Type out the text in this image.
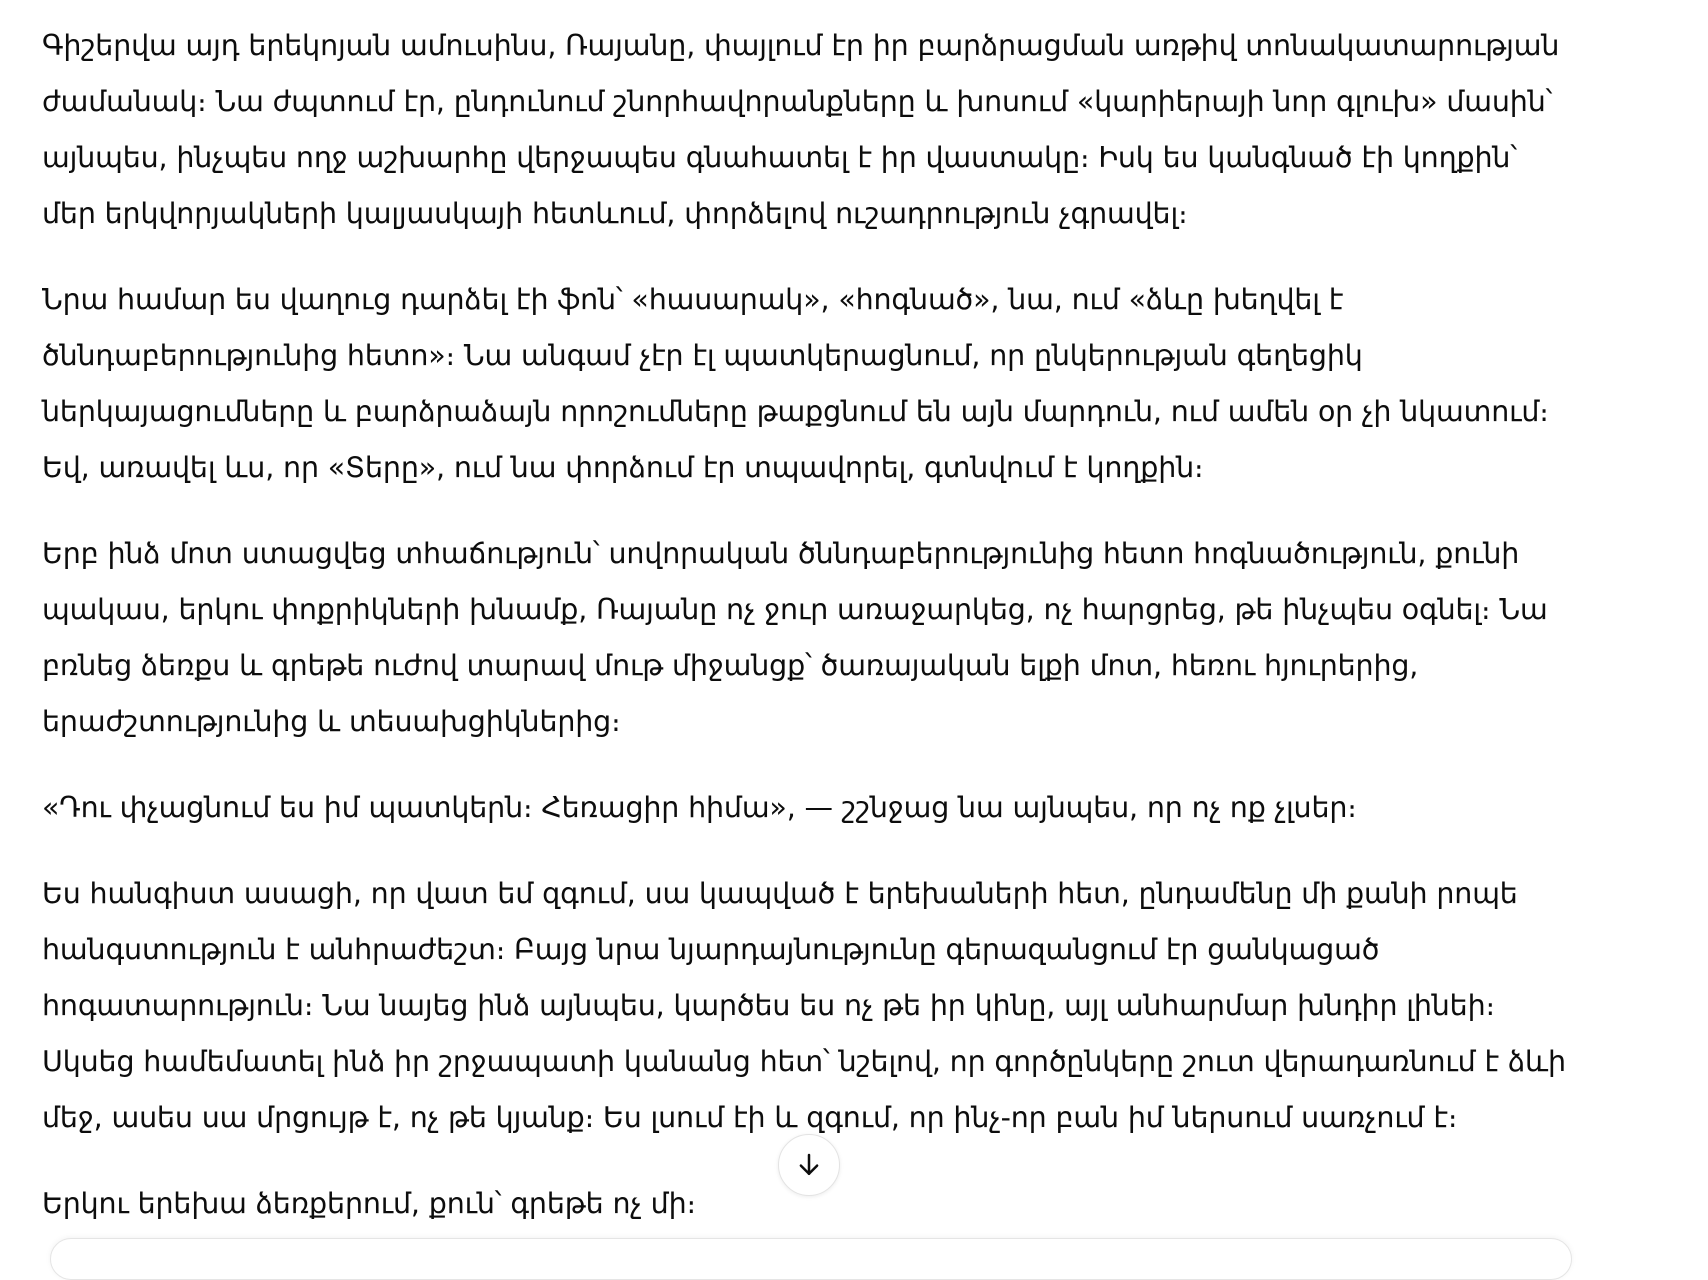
Գիշերվա այդ երեկոյան ամուսինս, Ռայանը, փայլում էր իր բարձրացման առթիվ տոնակատարության
ժամանակ։ Նա ժպտում էր, ընդունում շնորհավորանքները և խոսում «կարիերայի նոր գլուխ» մասին՝
այնպես, ինչպես ողջ աշխարհը վերջապես գնահատել է իր վաստակը։ Իսկ ես կանգնած էի կողքին՝
մեր երկվորյակների կալյասկայի հետևում, փորձելով ուշադրություն չգրավել։

Նրա համար ես վաղուց դարձել էի ֆոն՝ «հասարակ», «հոգնած», նա, ում «ձևը խեղվել է
ծննդաբերությունից հետո»։ Նա անգամ չէր էլ պատկերացնում, որ ընկերության գեղեցիկ
ներկայացումները և բարձրաձայն որոշումները թաքցնում են այն մարդուն, ում ամեն օր չի նկատում։
Եվ, առավել ևս, որ «Տերը», ում նա փորձում էր տպավորել, գտնվում է կողքին։

Երբ ինձ մոտ ստացվեց տհաճություն՝ սովորական ծննդաբերությունից հետո հոգնածություն, քունի
պակաս, երկու փոքրիկների խնամք, Ռայանը ոչ ջուր առաջարկեց, ոչ հարցրեց, թե ինչպես օգնել։ Նա
բռնեց ձեռքս և գրեթե ուժով տարավ մութ միջանցք՝ ծառայական ելքի մոտ, հեռու հյուրերից,
երաժշտությունից և տեսախցիկներից։

«Դու փչացնում ես իմ պատկերն։ Հեռացիր հիմա», — շշնջաց նա այնպես, որ ոչ ոք չլսեր։

Ես հանգիստ ասացի, որ վատ եմ զգում, սա կապված է երեխաների հետ, ընդամենը մի քանի րոպե
հանգստություն է անհրաժեշտ։ Բայց նրա նյարդայնությունը գերազանցում էր ցանկացած
հոգատարություն։ Նա նայեց ինձ այնպես, կարծես ես ոչ թե իր կինը, այլ անհարմար խնդիր լինեի։
Սկսեց համեմատել ինձ իր շրջապատի կանանց հետ՝ նշելով, որ գործընկերը շուտ վերադառնում է ձևի
մեջ, ասես սա մրցույթ է, ոչ թե կյանք։ Ես լսում էի և զգում, որ ինչ-որ բան իմ ներսում սառչում է։

Երկու երեխա ձեռքերում, քուն՝ գրեթե ոչ մի։
